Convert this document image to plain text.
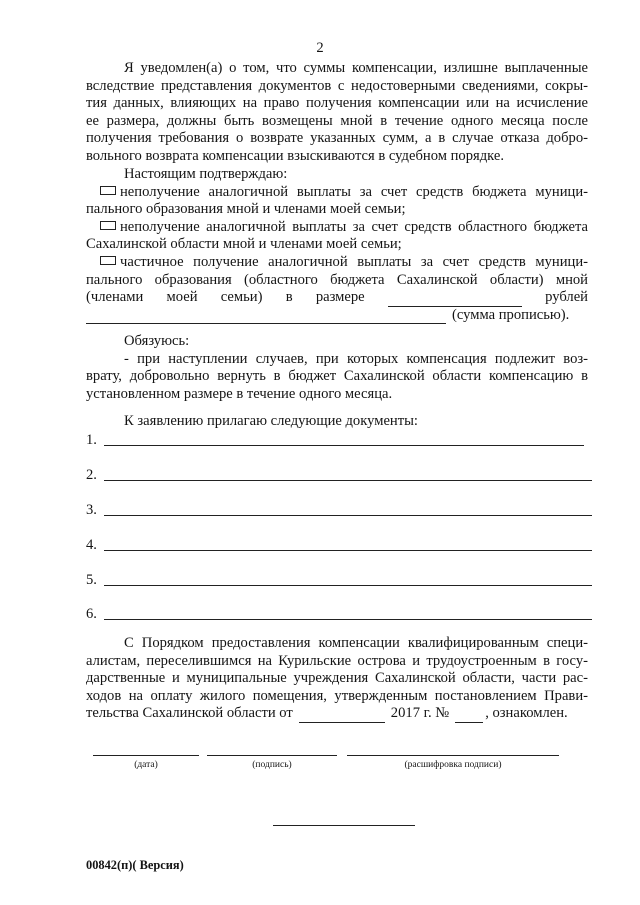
2
Я уведомлен(а) о том, что суммы компенсации, излишне выплаченные
вследствие представления документов с недостоверными сведениями, сокры-
тия данных, влияющих на право получения компенсации или на исчисление
ее размера, должны быть возмещены мной в течение одного месяца после
получения требования о возврате указанных сумм, а в случае отказа добро-
вольного возврата компенсации взыскиваются в судебном порядке.
Настоящим подтверждаю:
неполучение аналогичной выплаты за счет средств бюджета муници-
пального образования мной и членами моей семьи;
неполучение аналогичной выплаты за счет средств областного бюджета
Сахалинской области мной и членами моей семьи;
частичное получение аналогичной выплаты за счет средств муници-
пального образования (областного бюджета Сахалинской области) мной
(членами моей семьи) в размере	рублей
(сумма прописью).
Обязуюсь:
- при наступлении случаев, при которых компенсация подлежит воз-
врату, добровольно вернуть в бюджет Сахалинской области компенсацию в
установленном размере в течение одного месяца.
К заявлению прилагаю следующие документы:
1.
2.
3.
4.
5.
6.
С Порядком предоставления компенсации квалифицированным специ-
алистам, переселившимся на Курильские острова и трудоустроенным в госу-
дарственные и муниципальные учреждения Сахалинской области, части рас-
ходов на оплату жилого помещения, утвержденным постановлением Прави-
тельства Сахалинской области от	2017 г. № , ознакомлен.
(дата)	(подпись)	(расшифровка подписи)
00842(п)( Версия)
